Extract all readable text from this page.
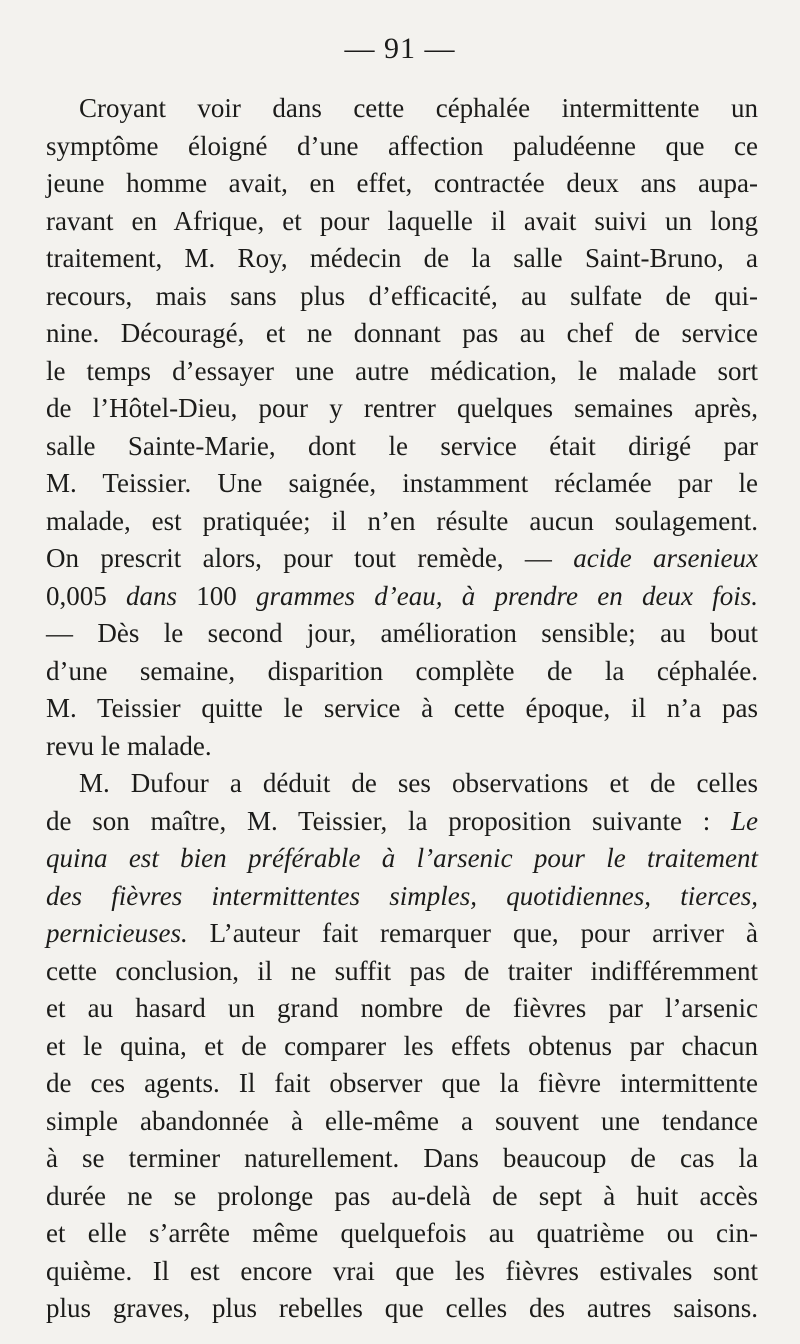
— 91 —
Croyant voir dans cette céphalée intermittente un
symptôme éloigné d’une affection paludéenne que ce
jeune homme avait, en effet, contractée deux ans aupa-
ravant en Afrique, et pour laquelle il avait suivi un long
traitement, M. Roy, médecin de la salle Saint-Bruno, a
recours, mais sans plus d’efficacité, au sulfate de qui-
nine. Découragé, et ne donnant pas au chef de service
le temps d’essayer une autre médication, le malade sort
de l’Hôtel-Dieu, pour y rentrer quelques semaines après,
salle Sainte-Marie, dont le service était dirigé par
M. Teissier. Une saignée, instamment réclamée par le
malade, est pratiquée; il n’en résulte aucun soulagement.
On prescrit alors, pour tout remède, — acide arsenieux
0,005 dans 100 grammes d’eau, à prendre en deux fois.
— Dès le second jour, amélioration sensible; au bout
d’une semaine, disparition complète de la céphalée.
M. Teissier quitte le service à cette époque, il n’a pas
revu le malade.
M. Dufour a déduit de ses observations et de celles
de son maître, M. Teissier, la proposition suivante : Le
quina est bien préférable à l’arsenic pour le traitement
des fièvres intermittentes simples, quotidiennes, tierces,
pernicieuses. L’auteur fait remarquer que, pour arriver à
cette conclusion, il ne suffit pas de traiter indifféremment
et au hasard un grand nombre de fièvres par l’arsenic
et le quina, et de comparer les effets obtenus par chacun
de ces agents. Il fait observer que la fièvre intermittente
simple abandonnée à elle-même a souvent une tendance
à se terminer naturellement. Dans beaucoup de cas la
durée ne se prolonge pas au-delà de sept à huit accès
et elle s’arrête même quelquefois au quatrième ou cin-
quième. Il est encore vrai que les fièvres estivales sont
plus graves, plus rebelles que celles des autres saisons.
